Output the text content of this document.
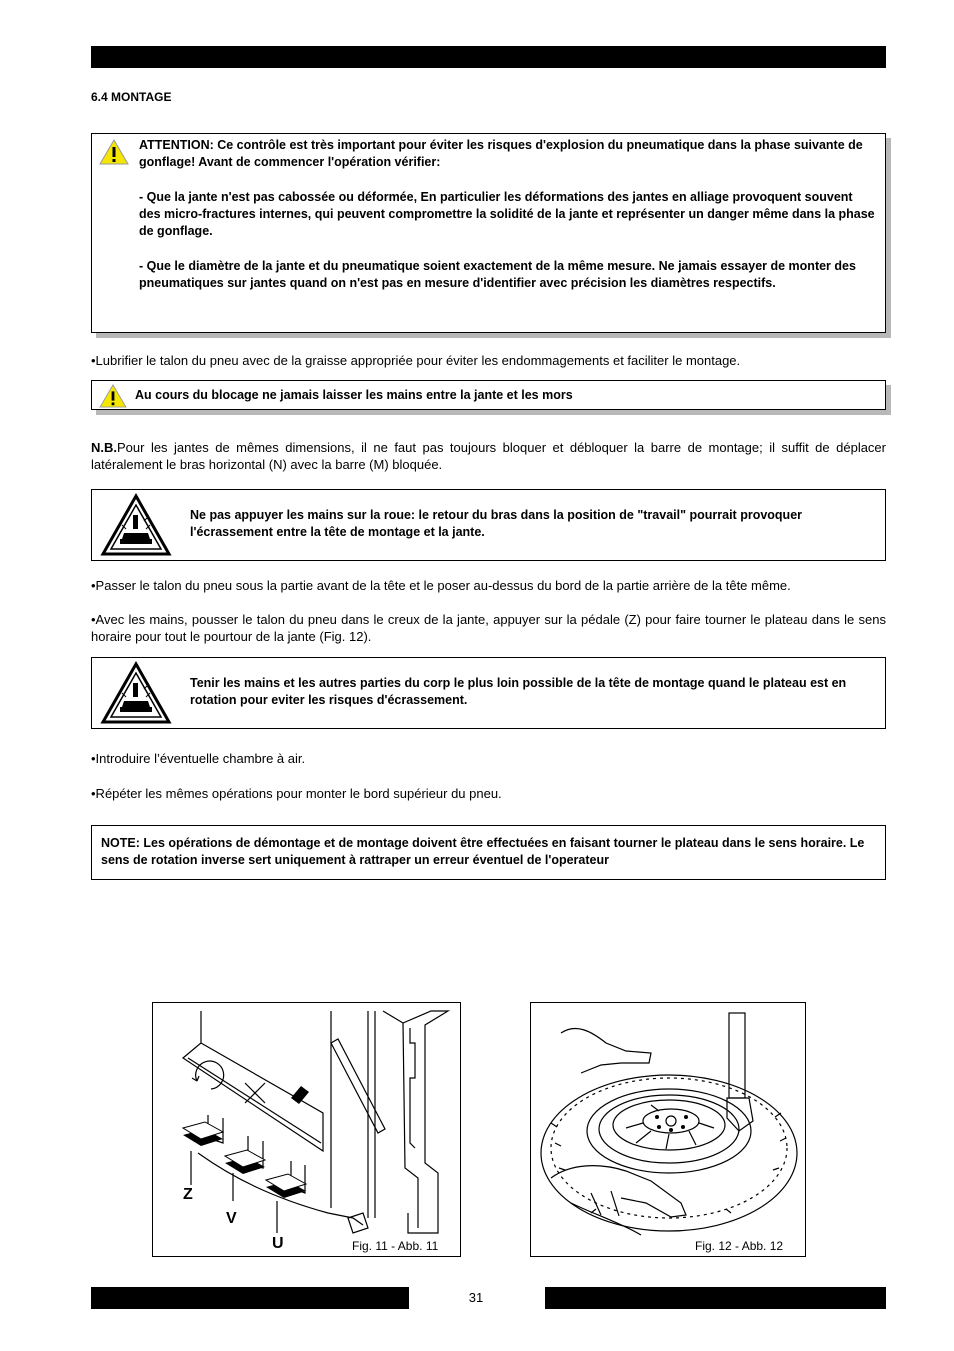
6.4 MONTAGE
ATTENTION: Ce contrôle est très important pour éviter les risques d'explosion du pneumatique dans la phase suivante de gonflage! Avant de commencer l'opération vérifier:
- Que la jante n'est pas cabossée ou déformée, En particulier les déformations des jantes en alliage provoquent souvent des micro-fractures internes, qui peuvent compromettre la solidité de la jante et représenter un danger même dans la phase de gonflage.
- Que le diamètre de la jante et du pneumatique soient exactement de la même mesure. Ne jamais essayer de monter des pneumatiques sur jantes quand on n'est pas en mesure d'identifier avec précision les diamètres respectifs.
•Lubrifier le talon du pneu avec de la graisse appropriée pour éviter les endommagements et faciliter le montage.
Au cours du blocage ne jamais laisser les mains entre la jante et les mors
N.B.Pour les jantes de mêmes dimensions, il ne faut pas toujours bloquer et débloquer la barre de montage; il suffit de déplacer latéralement le bras horizontal (N) avec la barre (M) bloquée.
Ne pas appuyer les mains sur la roue: le retour du bras dans la position de "travail" pourrait provoquer l'écrassement entre la tête de montage et la jante.
•Passer le talon du pneu sous la partie avant de la tête et le poser au-dessus du bord de la partie arrière de la tête même.
•Avec les mains, pousser le talon du pneu dans le creux de la jante, appuyer sur la pédale (Z) pour faire tourner le plateau dans le sens horaire pour tout le pourtour de la jante (Fig. 12).
Tenir les mains et les autres parties du corp le plus loin possible de la tête de montage quand le plateau est en rotation pour eviter les risques d'écrassement.
•Introduire l’éventuelle chambre à air.
•Répéter les mêmes opérations pour monter le bord supérieur du pneu.
NOTE: Les opérations de démontage et de montage doivent être effectuées en faisant tourner le plateau dans le sens horaire. Le sens de rotation inverse sert uniquement à rattraper un erreur éventuel de l'operateur
Z
V
U	Fig. 11 - Abb. 11	Fig. 12 - Abb. 12
31
